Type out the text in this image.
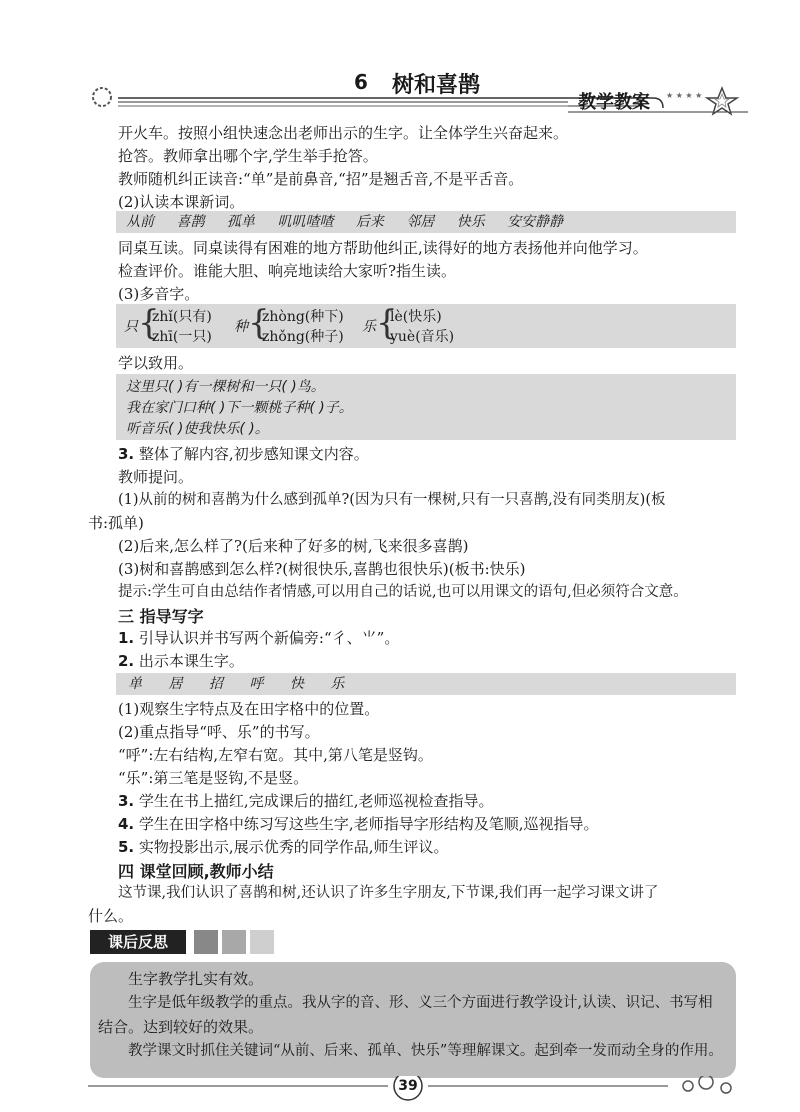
6 树和喜鹊
教学教案 ★ ★ ★ ★
开火车。按照小组快速念出老师出示的生字。让全体学生兴奋起来。
抢答。教师拿出哪个字,学生举手抢答。
教师随机纠正读音:“单”是前鼻音,“招”是翘舌音,不是平舌音。
(2)认读本课新词。
从前 喜鹊 孤单 叽叽喳喳 后来 邻居 快乐 安安静静
同桌互读。同桌读得有困难的地方帮助他纠正,读得好的地方表扬他并向他学习。
检查评价。谁能大胆、响亮地读给大家听?指生读。
(3)多音字。
只 {
zhǐ(只有)
zhī(一只)
种 {
zhòng(种下)
zhǒng(种子)
乐 {
lè(快乐)
yuè(音乐)
学以致用。
这里只( )有一棵树和一只( )鸟。
我在家门口种( )下一颗桃子种( )子。
听音乐( )使我快乐( )。
3. 整体了解内容,初步感知课文内容。
教师提问。
(1)从前的树和喜鹊为什么感到孤单?(因为只有一棵树,只有一只喜鹊,没有同类朋友)(板
书:孤单)
(2)后来,怎么样了?(后来种了好多的树,飞来很多喜鹊)
(3)树和喜鹊感到怎么样?(树很快乐,喜鹊也很快乐)(板书:快乐)
提示:学生可自由总结作者情感,可以用自己的话说,也可以用课文的语句,但必须符合文意。
三 指导写字
1. 引导认识并书写两个新偏旁:“彳、⺌”。
2. 出示本课生字。
单 居 招 呼 快 乐
(1)观察生字特点及在田字格中的位置。
(2)重点指导“呼、乐”的书写。
“呼”:左右结构,左窄右宽。其中,第八笔是竖钩。
“乐”:第三笔是竖钩,不是竖。
3. 学生在书上描红,完成课后的描红,老师巡视检查指导。
4. 学生在田字格中练习写这些生字,老师指导字形结构及笔顺,巡视指导。
5. 实物投影出示,展示优秀的同学作品,师生评议。
四 课堂回顾,教师小结
这节课,我们认识了喜鹊和树,还认识了许多生字朋友,下节课,我们再一起学习课文讲了
什么。
课后反思
生字教学扎实有效。
生字是低年级教学的重点。我从字的音、形、义三个方面进行教学设计,认读、识记、书写相
结合。达到较好的效果。
教学课文时抓住关键词“从前、后来、孤单、快乐”等理解课文。起到牵一发而动全身的作用。
39
